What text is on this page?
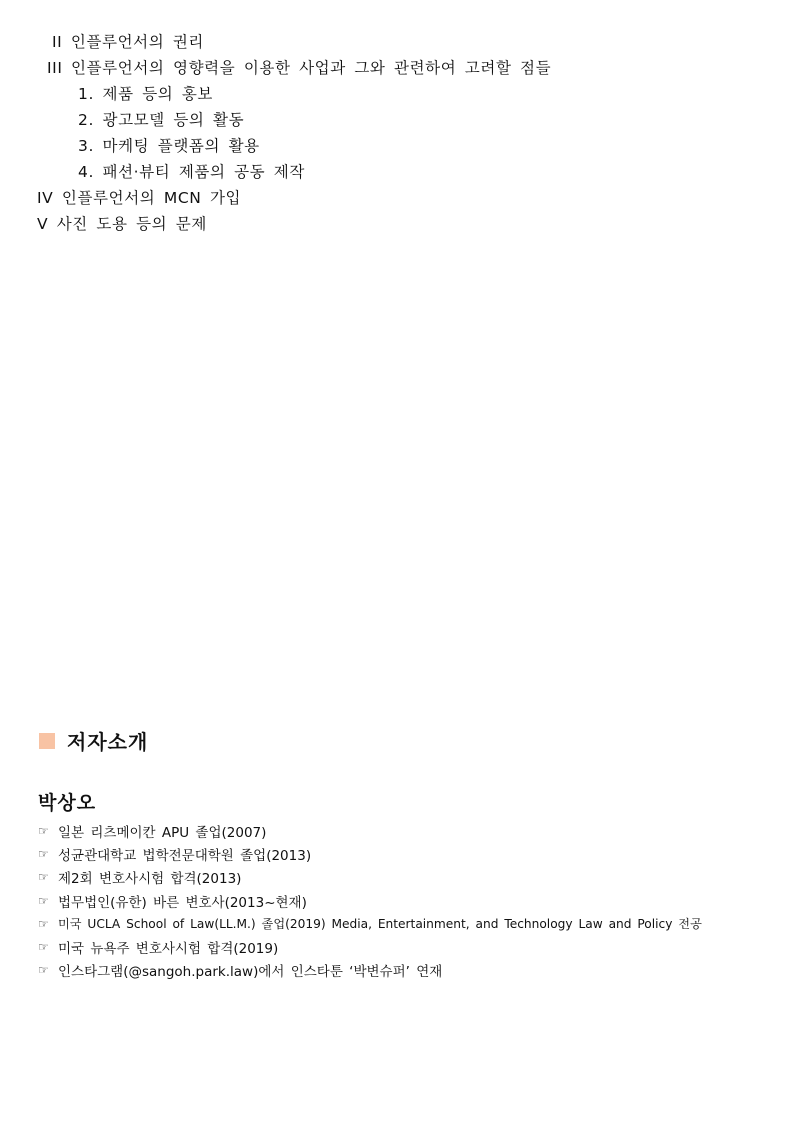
II 인플루언서의 권리
III 인플루언서의 영향력을 이용한 사업과 그와 관련하여 고려할 점들
1. 제품 등의 홍보
2. 광고모델 등의 활동
3. 마케팅 플랫폼의 활용
4. 패션·뷰티 제품의 공동 제작
IV 인플루언서의 MCN 가입
V 사진 도용 등의 문제
저자소개
박상오
☞ 일본 리츠메이칸 APU 졸업(2007)
☞ 성균관대학교 법학전문대학원 졸업(2013)
☞ 제2회 변호사시험 합격(2013)
☞ 법무법인(유한) 바른 변호사(2013~현재)
☞ 미국 UCLA School of Law(LL.M.) 졸업(2019) Media, Entertainment, and Technology Law and Policy 전공
☞ 미국 뉴욕주 변호사시험 합격(2019)
☞ 인스타그램(@sangoh.park.law)에서 인스타툰 ‘박변슈퍼’ 연재
